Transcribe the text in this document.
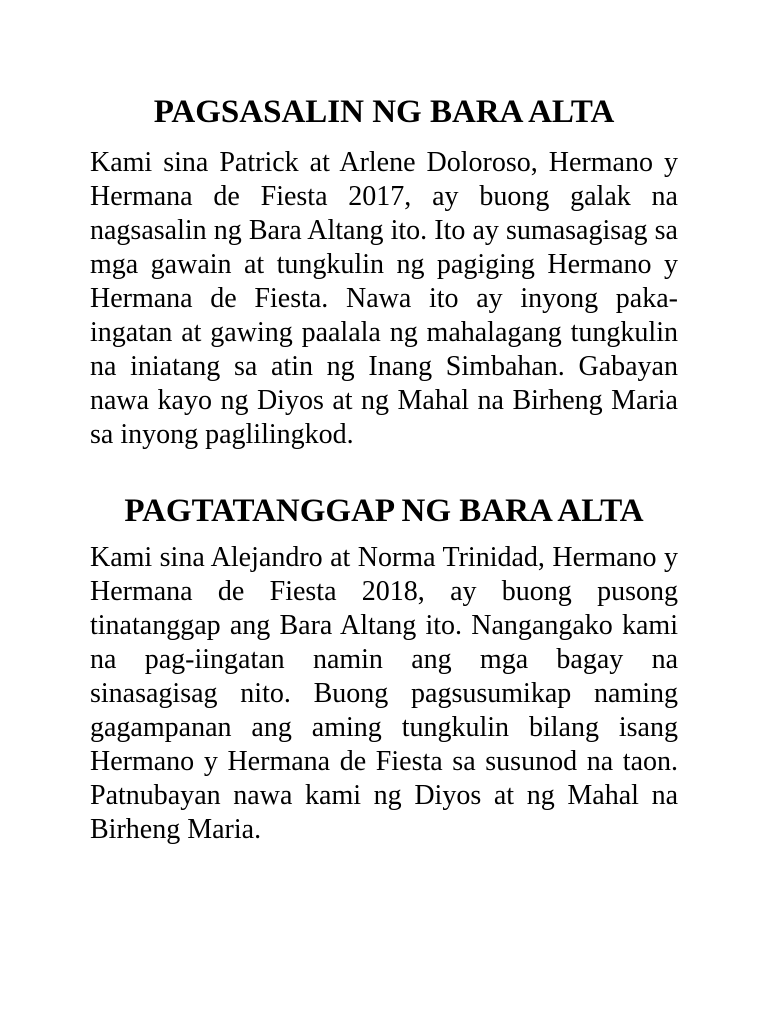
PAGSASALIN NG BARA ALTA

Kami sina Patrick at Arlene Doloroso, Hermano y Hermana de Fiesta 2017, ay buong galak na nagsasalin ng Bara Altang ito. Ito ay sumasagisag sa mga gawain at tungkulin ng pagiging Hermano y Hermana de Fiesta. Nawa ito ay inyong paka-ingatan at gawing paalala ng mahalagang tungkulin na iniatang sa atin ng Inang Simbahan. Gabayan nawa kayo ng Diyos at ng Mahal na Birheng Maria sa inyong paglilingkod.

PAGTATANGGAP NG BARA ALTA

Kami sina Alejandro at Norma Trinidad, Hermano y Hermana de Fiesta 2018, ay buong pusong tinatanggap ang Bara Altang ito. Nangangako kami na pag-iingatan namin ang mga bagay na sinasagisag nito. Buong pagsusumikap naming gagampanan ang aming tungkulin bilang isang Hermano y Hermana de Fiesta sa susunod na taon. Patnubayan nawa kami ng Diyos at ng Mahal na Birheng Maria.
